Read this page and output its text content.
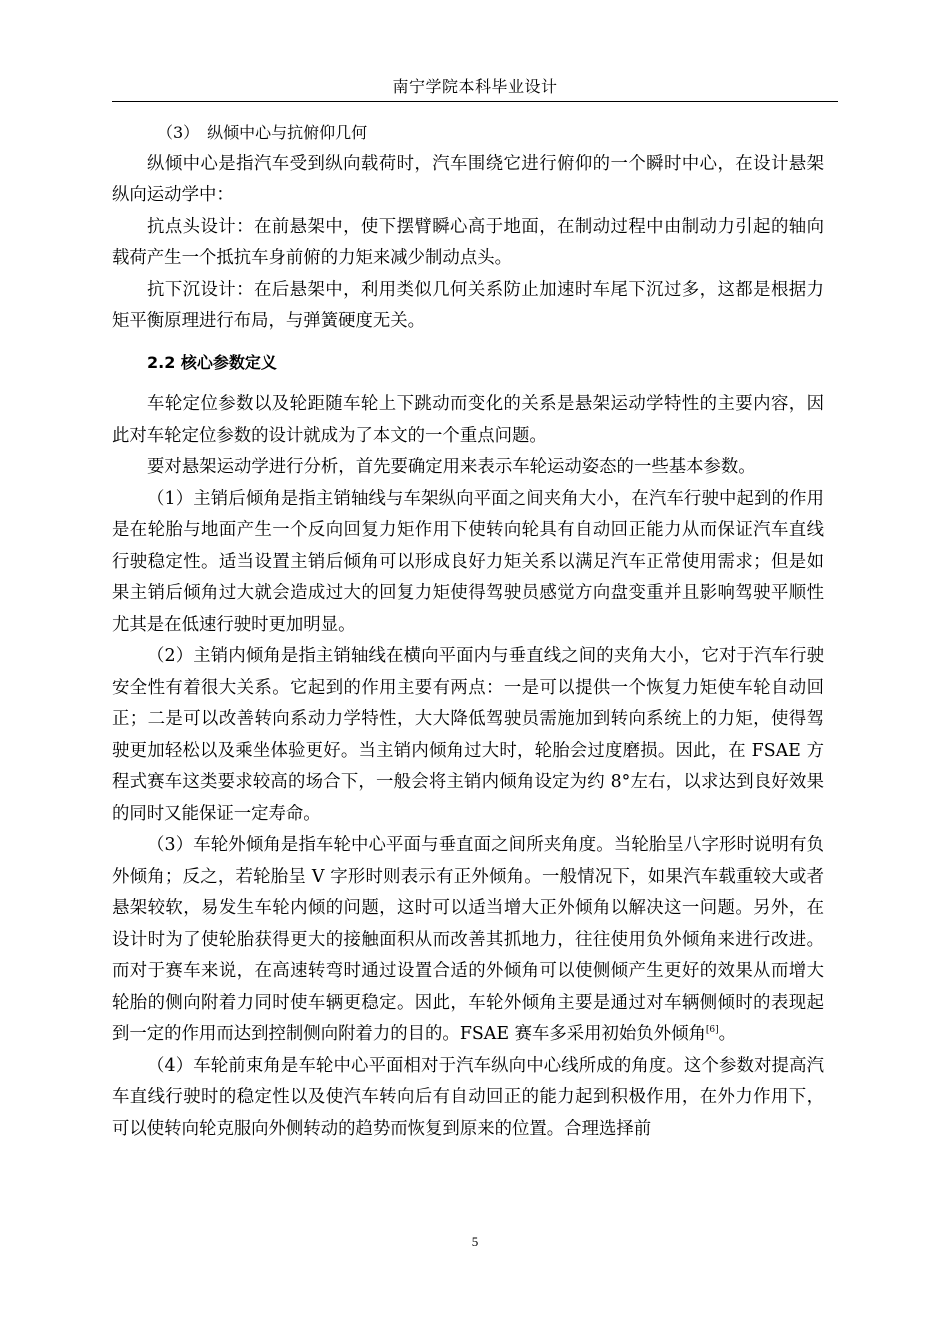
南宁学院本科毕业设计

（3）　纵倾中心与抗俯仰几何

纵倾中心是指汽车受到纵向载荷时，汽车围绕它进行俯仰的一个瞬时中心，在设计悬架纵向运动学中：

抗点头设计：在前悬架中，使下摆臂瞬心高于地面，在制动过程中由制动力引起的轴向载荷产生一个抵抗车身前俯的力矩来减少制动点头。

抗下沉设计：在后悬架中，利用类似几何关系防止加速时车尾下沉过多，这都是根据力矩平衡原理进行布局，与弹簧硬度无关。

2.2 核心参数定义

车轮定位参数以及轮距随车轮上下跳动而变化的关系是悬架运动学特性的主要内容，因此对车轮定位参数的设计就成为了本文的一个重点问题。

要对悬架运动学进行分析，首先要确定用来表示车轮运动姿态的一些基本参数。

（1）主销后倾角是指主销轴线与车架纵向平面之间夹角大小，在汽车行驶中起到的作用是在轮胎与地面产生一个反向回复力矩作用下使转向轮具有自动回正能力从而保证汽车直线行驶稳定性。适当设置主销后倾角可以形成良好力矩关系以满足汽车正常使用需求；但是如果主销后倾角过大就会造成过大的回复力矩使得驾驶员感觉方向盘变重并且影响驾驶平顺性尤其是在低速行驶时更加明显。

（2）主销内倾角是指主销轴线在横向平面内与垂直线之间的夹角大小，它对于汽车行驶安全性有着很大关系。它起到的作用主要有两点：一是可以提供一个恢复力矩使车轮自动回正；二是可以改善转向系动力学特性，大大降低驾驶员需施加到转向系统上的力矩，使得驾驶更加轻松以及乘坐体验更好。当主销内倾角过大时，轮胎会过度磨损。因此，在 FSAE 方程式赛车这类要求较高的场合下，一般会将主销内倾角设定为约 8°左右，以求达到良好效果的同时又能保证一定寿命。

（3）车轮外倾角是指车轮中心平面与垂直面之间所夹角度。当轮胎呈八字形时说明有负外倾角；反之，若轮胎呈 V 字形时则表示有正外倾角。一般情况下，如果汽车载重较大或者悬架较软，易发生车轮内倾的问题，这时可以适当增大正外倾角以解决这一问题。另外，在设计时为了使轮胎获得更大的接触面积从而改善其抓地力，往往使用负外倾角来进行改进。而对于赛车来说，在高速转弯时通过设置合适的外倾角可以使侧倾产生更好的效果从而增大轮胎的侧向附着力同时使车辆更稳定。因此，车轮外倾角主要是通过对车辆侧倾时的表现起到一定的作用而达到控制侧向附着力的目的。FSAE 赛车多采用初始负外倾角[6]。

（4）车轮前束角是车轮中心平面相对于汽车纵向中心线所成的角度。这个参数对提高汽车直线行驶时的稳定性以及使汽车转向后有自动回正的能力起到积极作用，在外力作用下，可以使转向轮克服向外侧转动的趋势而恢复到原来的位置。合理选择前

5
